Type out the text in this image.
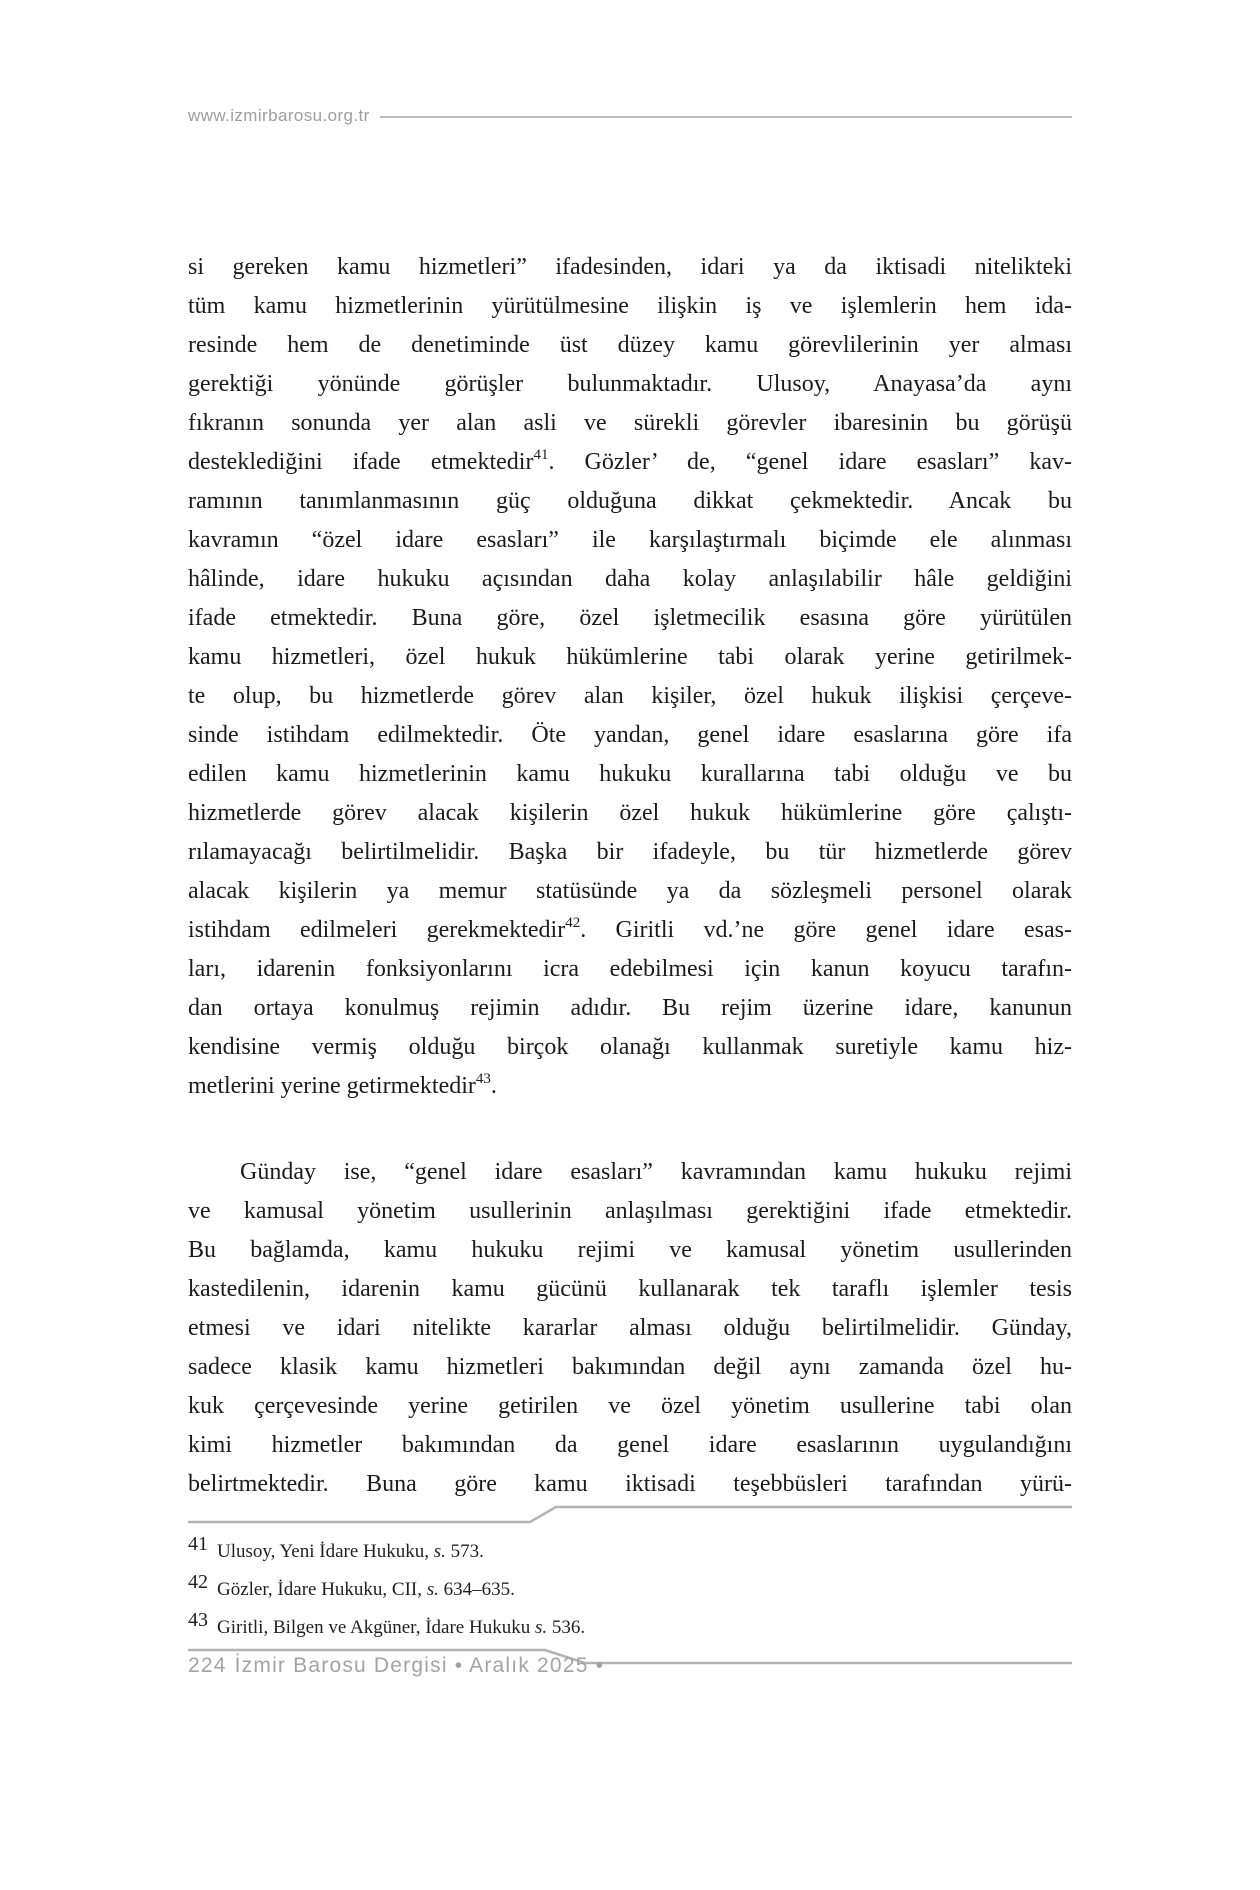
www.izmirbarosu.org.tr
si gereken kamu hizmetleri” ifadesinden, idari ya da iktisadi nitelikteki
tüm kamu hizmetlerinin yürütülmesine ilişkin iş ve işlemlerin hem ida-
resinde hem de denetiminde üst düzey kamu görevlilerinin yer alması
gerektiği yönünde görüşler bulunmaktadır. Ulusoy, Anayasa’da aynı
fıkranın sonunda yer alan asli ve sürekli görevler ibaresinin bu görüşü
desteklediğini ifade etmektedir$^{41}$. Gözler’ de, “genel idare esasları” kav-
ramının tanımlanmasının güç olduğuna dikkat çekmektedir. Ancak bu
kavramın “özel idare esasları” ile karşılaştırmalı biçimde ele alınması
hâlinde, idare hukuku açısından daha kolay anlaşılabilir hâle geldiğini
ifade etmektedir. Buna göre, özel işletmecilik esasına göre yürütülen
kamu hizmetleri, özel hukuk hükümlerine tabi olarak yerine getirilmek-
te olup, bu hizmetlerde görev alan kişiler, özel hukuk ilişkisi çerçeve-
sinde istihdam edilmektedir. Öte yandan, genel idare esaslarına göre ifa
edilen kamu hizmetlerinin kamu hukuku kurallarına tabi olduğu ve bu
hizmetlerde görev alacak kişilerin özel hukuk hükümlerine göre çalıştı-
rılamayacağı belirtilmelidir. Başka bir ifadeyle, bu tür hizmetlerde görev
alacak kişilerin ya memur statüsünde ya da sözleşmeli personel olarak
istihdam edilmeleri gerekmektedir$^{42}$. Giritli vd.’ne göre genel idare esas-
ları, idarenin fonksiyonlarını icra edebilmesi için kanun koyucu tarafın-
dan ortaya konulmuş rejimin adıdır. Bu rejim üzerine idare, kanunun
kendisine vermiş olduğu birçok olanağı kullanmak suretiyle kamu hiz-
metlerini yerine getirmektedir$^{43}$.
Günday ise, “genel idare esasları” kavramından kamu hukuku rejimi
ve kamusal yönetim usullerinin anlaşılması gerektiğini ifade etmektedir.
Bu bağlamda, kamu hukuku rejimi ve kamusal yönetim usullerinden
kastedilenin, idarenin kamu gücünü kullanarak tek taraflı işlemler tesis
etmesi ve idari nitelikte kararlar alması olduğu belirtilmelidir. Günday,
sadece klasik kamu hizmetleri bakımından değil aynı zamanda özel hu-
kuk çerçevesinde yerine getirilen ve özel yönetim usullerine tabi olan
kimi hizmetler bakımından da genel idare esaslarının uygulandığını
belirtmektedir. Buna göre kamu iktisadi teşebbüsleri tarafından yürü-
41 Ulusoy, Yeni İdare Hukuku, s. 573.
42 Gözler, İdare Hukuku, CII, s. 634–635.
43 Giritli, Bilgen ve Akgüner, İdare Hukuku s. 536.
224 İzmir Barosu Dergisi • Aralık 2025 •
